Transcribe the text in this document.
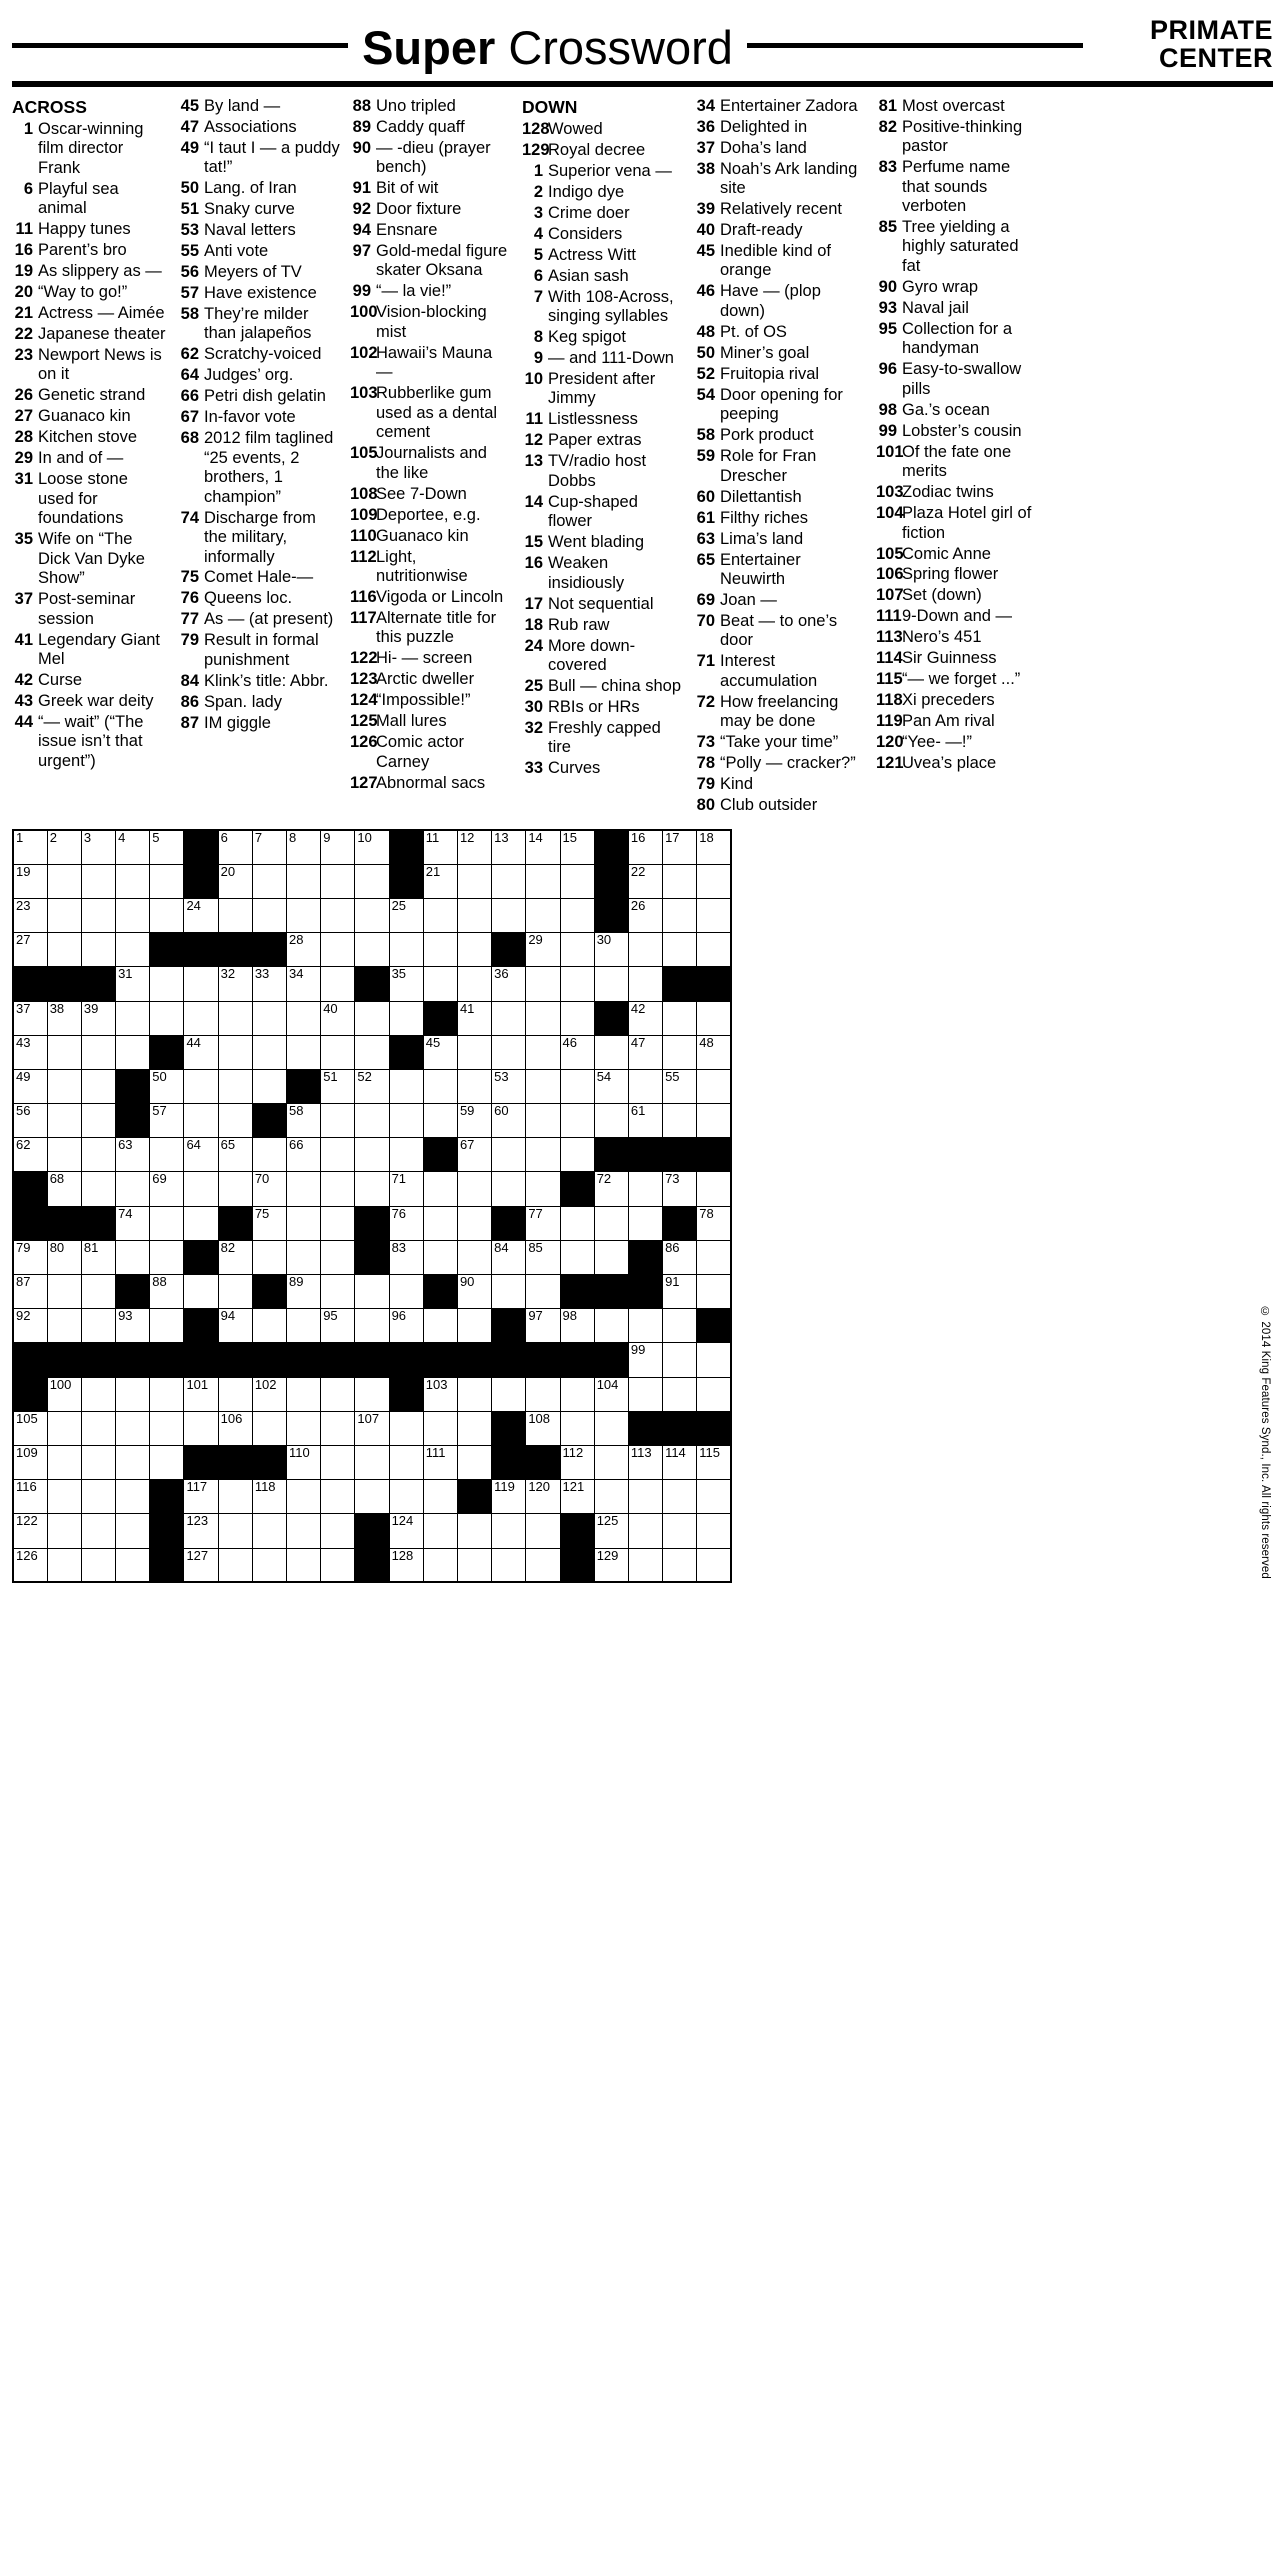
Super Crossword	PRIMATE
CENTER
ACROSS
1 Oscar-winning film director Frank
6 Playful sea animal
11 Happy tunes
16 Parent’s bro
19 As slippery as —
20 “Way to go!”
21 Actress — Aimée
22 Japanese theater
23 Newport News is on it
26 Genetic strand
27 Guanaco kin
28 Kitchen stove
29 In and of —
31 Loose stone used for foundations
35 Wife on “The Dick Van Dyke Show”
37 Post-seminar session
41 Legendary Giant Mel
42 Curse
43 Greek war deity
44 “— wait” (“The issue isn’t that urgent”)
45 By land —
47 Associations
49 “I taut I — a puddy tat!”
50 Lang. of Iran
51 Snaky curve
53 Naval letters
55 Anti vote
56 Meyers of TV
57 Have existence
58 They’re milder than jalapeños
62 Scratchy-voiced
64 Judges’ org.
66 Petri dish gelatin
67 In-favor vote
68 2012 film taglined “25 events, 2 brothers, 1 champion”
74 Discharge from the military, informally
75 Comet Hale-—
76 Queens loc.
77 As — (at present)
79 Result in formal punishment
84 Klink’s title: Abbr.
86 Span. lady
87 IM giggle
88 Uno tripled
89 Caddy quaff
90 — -dieu (prayer bench)
91 Bit of wit
92 Door fixture
94 Ensnare
97 Gold-medal figure skater Oksana
99 “— la vie!”
100
Vision-blocking mist
102
Hawaii’s Mauna —
103
Rubberlike gum used as a dental cement
105
Journalists and the like
108
See 7-Down
109
Deportee, e.g.
110 Guanaco kin
112 Light, nutritionwise
116 Vigoda or Lincoln
117 Alternate title for this puzzle
122
Hi- — screen
123
Arctic dweller
124
“Impossible!”
125
Mall lures
126
Comic actor Carney
127
Abnormal sacs
DOWN
128
Wowed
129
Royal decree
1 Superior vena —
2 Indigo dye
3 Crime doer
4 Considers
5 Actress Witt
6 Asian sash
7 With 108-Across, singing syllables
8 Keg spigot
9 — and 111-Down
10 President after Jimmy
11 Listlessness
12 Paper extras
13 TV/radio host Dobbs
14 Cup-shaped flower
15 Went blading
16 Weaken insidiously
17 Not sequential
18 Rub raw
24 More down-covered
25 Bull — china shop
30 RBIs or HRs
32 Freshly capped tire
33 Curves
34 Entertainer Zadora
36 Delighted in
37 Doha’s land
38 Noah’s Ark landing site
39 Relatively recent
40 Draft-ready
45 Inedible kind of orange
46 Have — (plop down)
48 Pt. of OS
50 Miner’s goal
52 Fruitopia rival
54 Door opening for peeping
58 Pork product
59 Role for Fran Drescher
60 Dilettantish
61 Filthy riches
63 Lima’s land
65 Entertainer Neuwirth
69 Joan —
70 Beat — to one’s door
71 Interest accumulation
72 How freelancing may be done
73 “Take your time”
78 “Polly — cracker?”
79 Kind
80 Club outsider
81 Most overcast
82 Positive-thinking pastor
83 Perfume name that sounds verboten
85 Tree yielding a highly saturated fat
90 Gyro wrap
93 Naval jail
95 Collection for a handyman
96 Easy-to-swallow pills
98 Ga.’s ocean
99 Lobster’s cousin
101
Of the fate one merits
103
Zodiac twins
104
Plaza Hotel girl of fiction
105
Comic Anne
106
Spring flower
107
Set (down)
111 9-Down and —
113 Nero’s 451
114 Sir Guinness
115 “— we forget ...”
118 Xi preceders
119 Pan Am rival
120
“Yee- —!”
121
Uvea’s place
1	2	3	4	5		6	7	8	9	10		11	12	13	14	15		16	17	18

19						20						21						22		

23					24						25							26		

27								28							29		30			

			31			32	33	34			35			36						

37	38	39							40				41					42		

43					44							45				46		47		48

49				50					51	52				53			54		55	

56				57				58					59	60				61		

62			63		64	65		66					67							

	68			69			70				71						72		73	

			74				75				76				77					78

79	80	81				82					83			84	85				86	

87				88				89					90						91	

92			93			94			95		96				97	98				

																		99		

	100				101		102					103					104			

105						106				107					108					

109								110				111				112		113	114	115

116					117		118							119	120	121				

122					123						124						125			

126					127						128						129			
				© 2014 King Features Synd., Inc. All rights reserved
